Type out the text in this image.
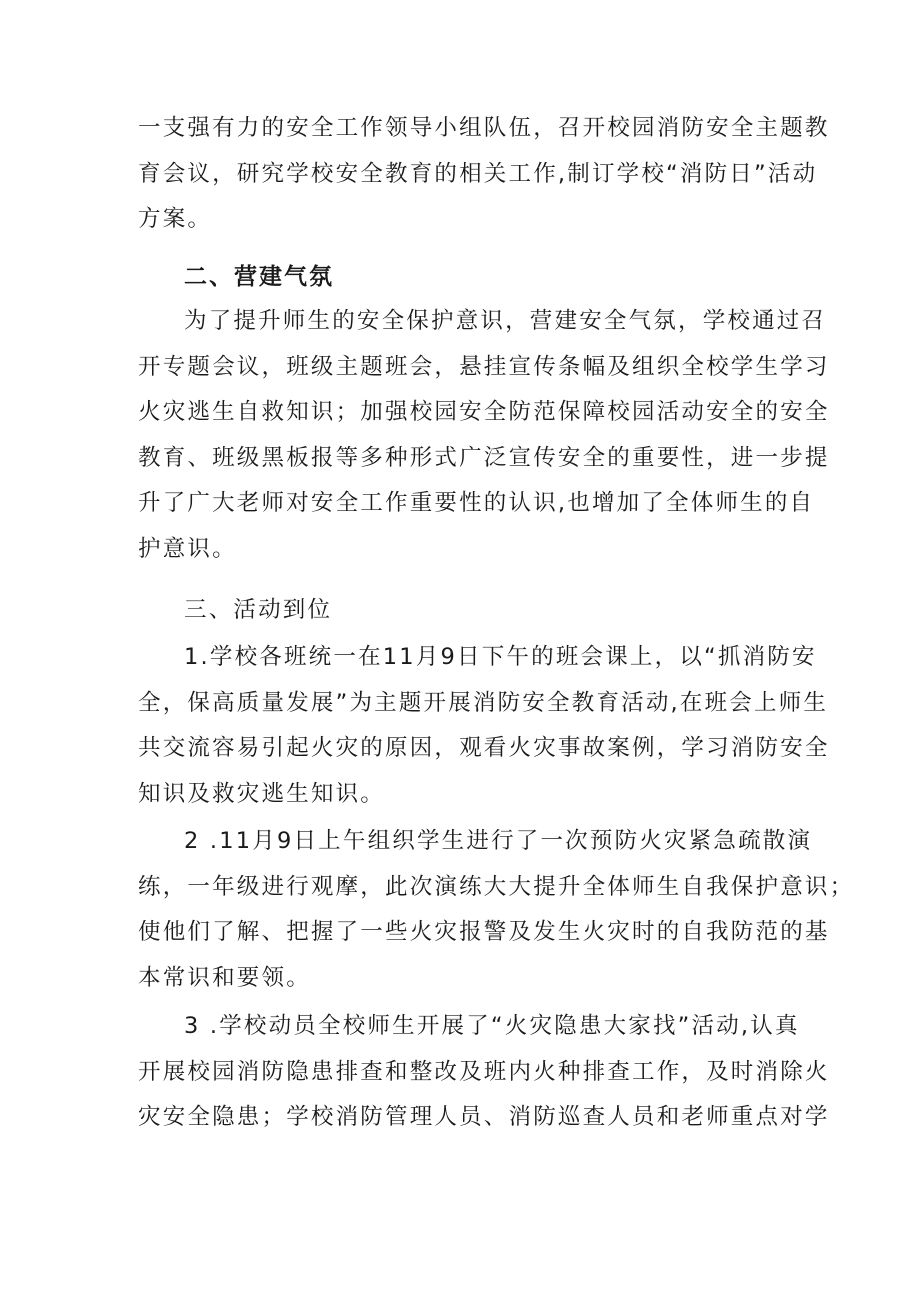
一支强有力的安全工作领导小组队伍，召开校园消防安全主题教
育会议，研究学校安全教育的相关工作,制订学校“消防日”活动
方案。
二、营建气氛
为了提升师生的安全保护意识，营建安全气氛，学校通过召
开专题会议，班级主题班会，悬挂宣传条幅及组织全校学生学习
火灾逃生自救知识；加强校园安全防范保障校园活动安全的安全
教育、班级黑板报等多种形式广泛宣传安全的重要性，进一步提
升了广大老师对安全工作重要性的认识,也增加了全体师生的自
护意识。
三、活动到位
1.学校各班统一在11月9日下午的班会课上，以“抓消防安
全，保高质量发展”为主题开展消防安全教育活动,在班会上师生
共交流容易引起火灾的原因，观看火灾事故案例，学习消防安全
知识及救灾逃生知识。
2 .11月9日上午组织学生进行了一次预防火灾紧急疏散演
练，一年级进行观摩，此次演练大大提升全体师生自我保护意识；
使他们了解、把握了一些火灾报警及发生火灾时的自我防范的基
本常识和要领。
3 .学校动员全校师生开展了“火灾隐患大家找”活动,认真
开展校园消防隐患排查和整改及班内火种排查工作，及时消除火
灾安全隐患；学校消防管理人员、消防巡查人员和老师重点对学
